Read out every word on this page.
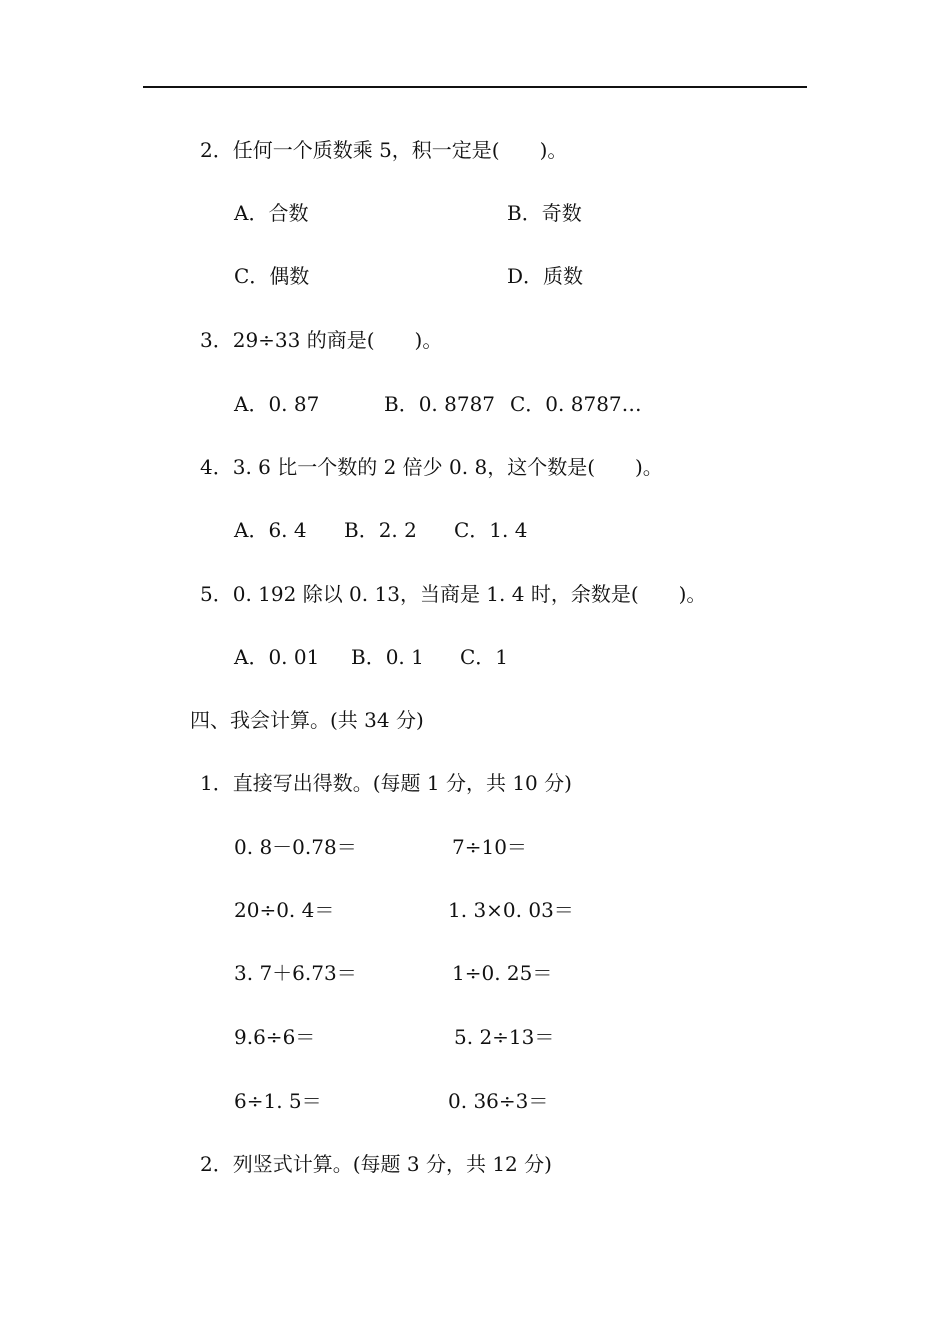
2．任何一个质数乘 5，积一定是(　　)。
A．合数	B．奇数
C．偶数	D．质数
3．29÷33 的商是(　　)。
A．0. 87	B．0. 8787 C．0. 8787…
4．3. 6 比一个数的 2 倍少 0. 8，这个数是(　　)。
A．6. 4 B．2. 2 C．1. 4
5．0. 192 除以 0. 13，当商是 1. 4 时，余数是(　　)。
A．0. 01 B．0. 1 C．1
四、我会计算。(共 34 分)
1．直接写出得数。(每题 1 分，共 10 分)
0. 8－0.78＝	7÷10＝
20÷0. 4＝	1. 3×0. 03＝
3. 7＋6.73＝	1÷0. 25＝
9.6÷6＝	5. 2÷13＝
6÷1. 5＝	0. 36÷3＝
2．列竖式计算。(每题 3 分，共 12 分)
